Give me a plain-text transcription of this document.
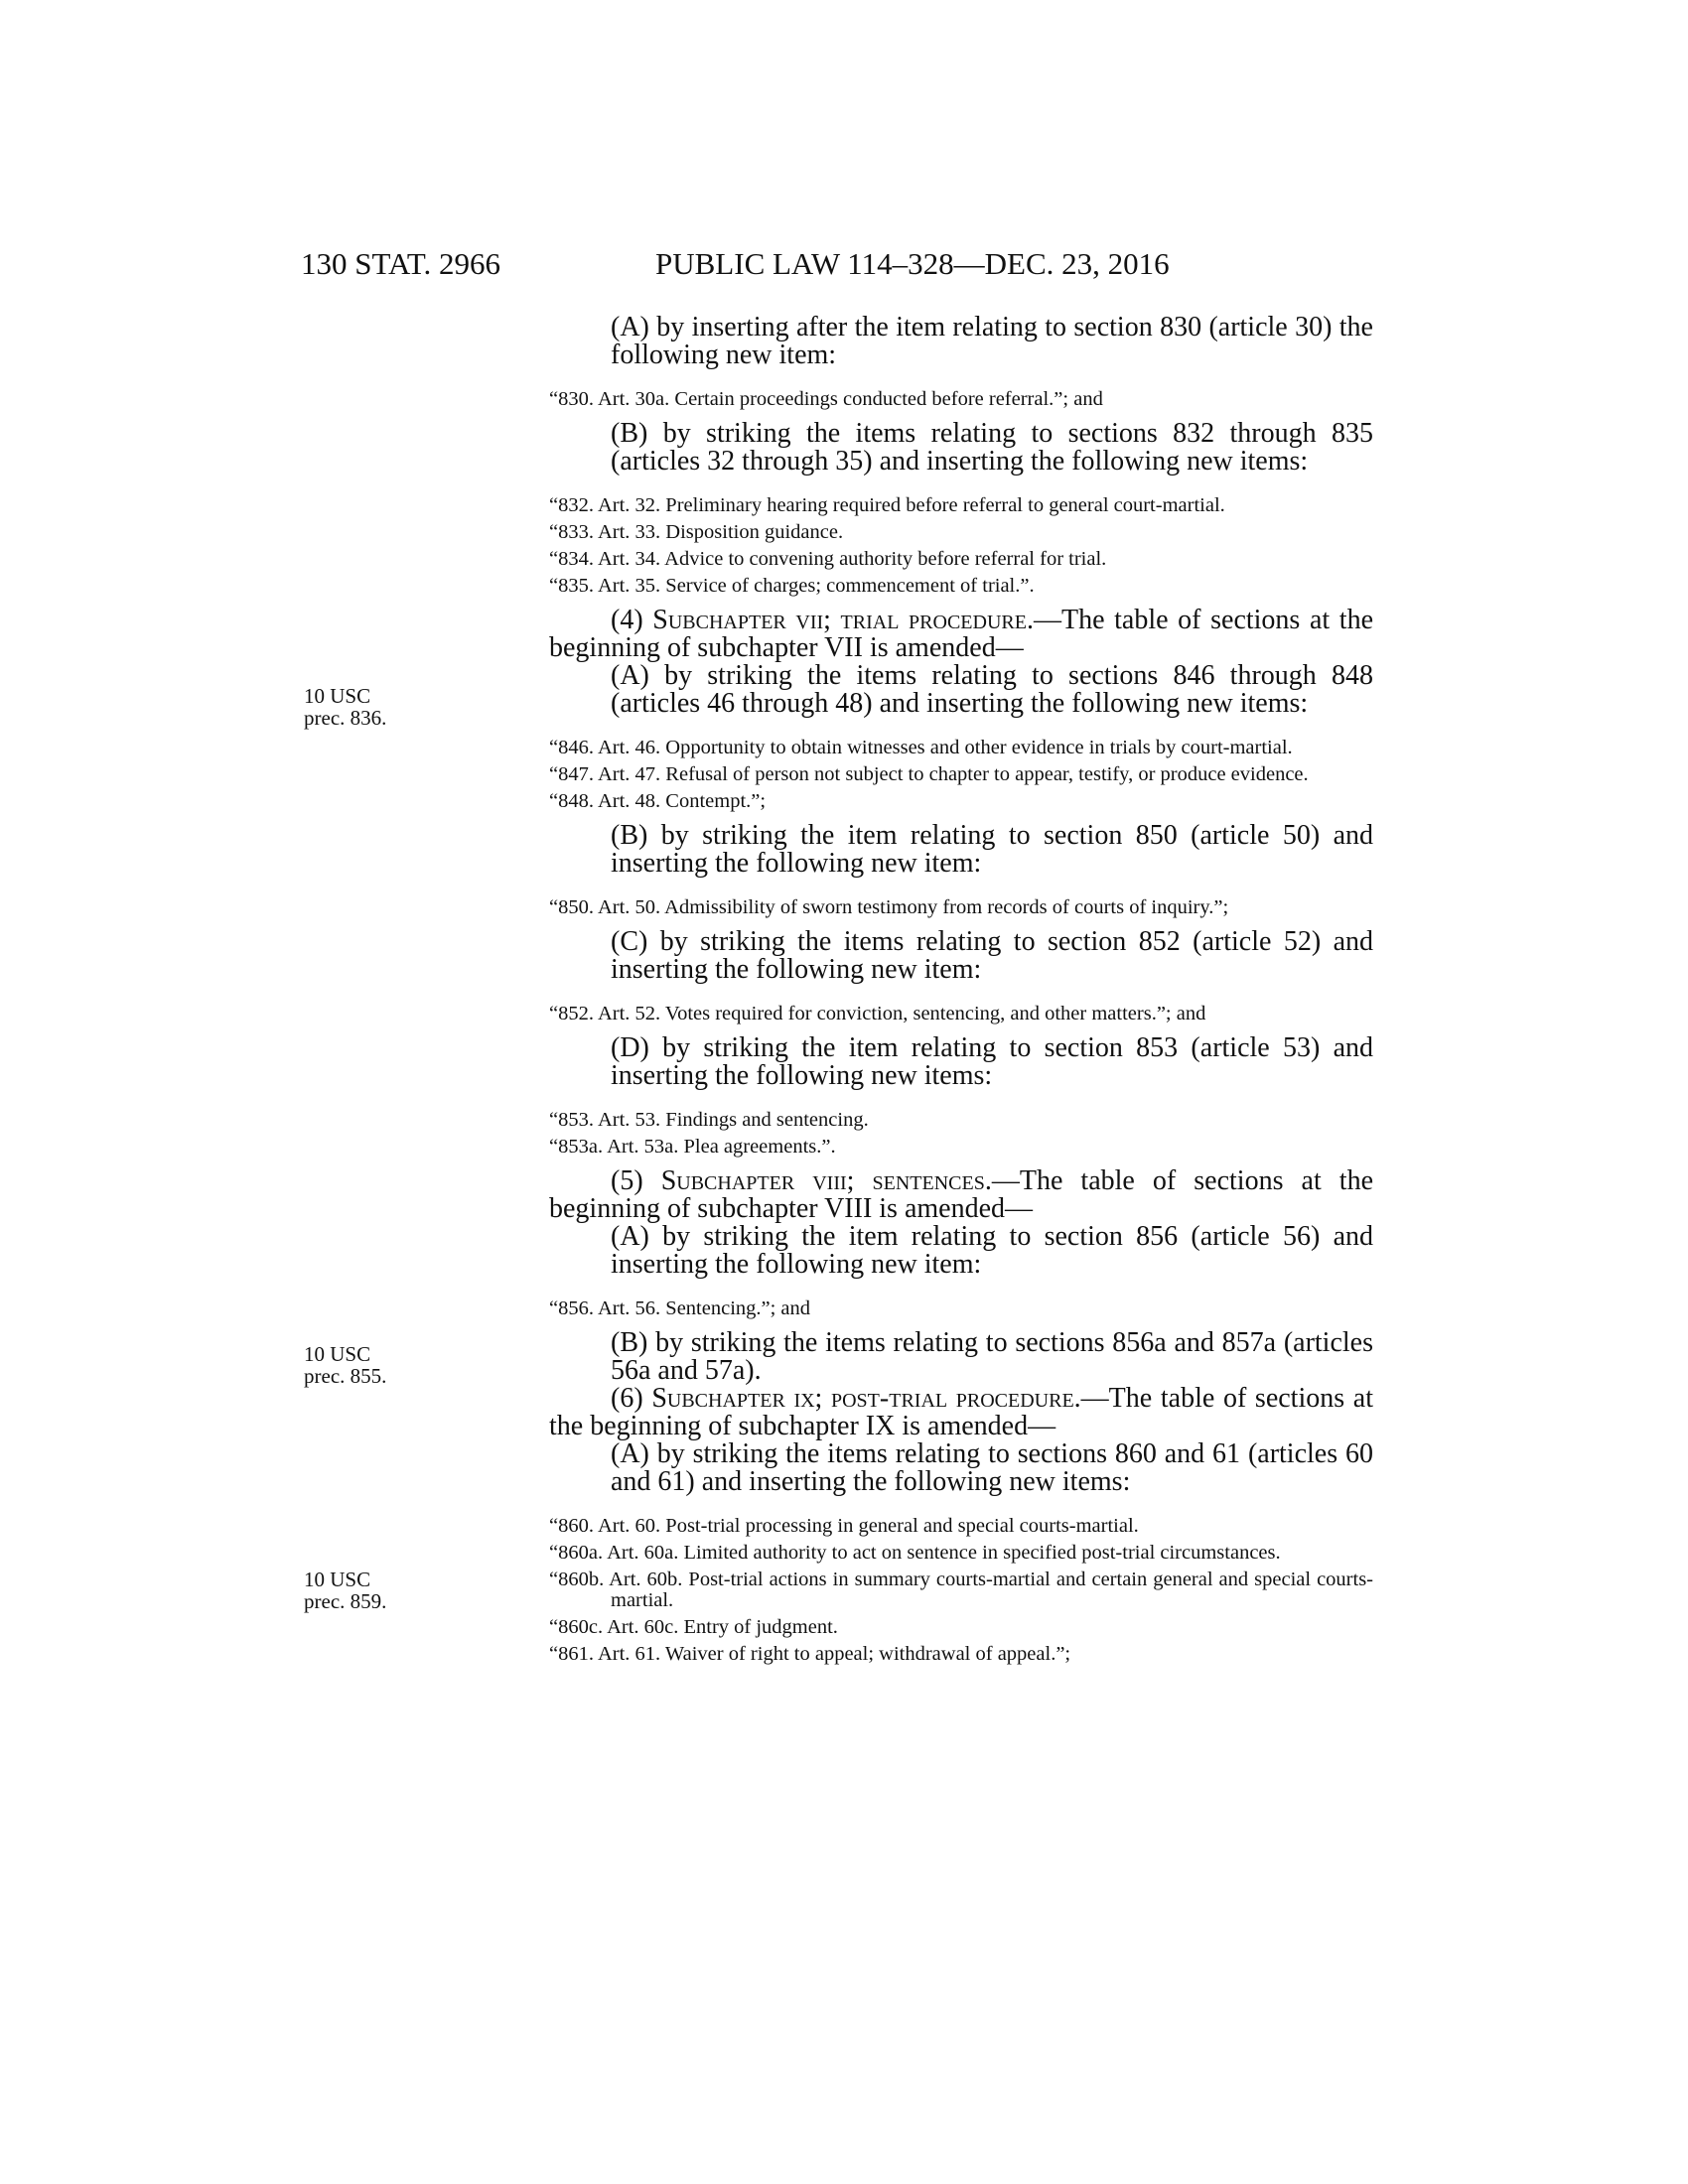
130 STAT. 2966	PUBLIC LAW 114–328—DEC. 23, 2016
10 USC
prec. 836.
10 USC
prec. 855.
10 USC
prec. 859.

(A) by inserting after the item relating to section 830 (article 30) the following new item:

“830. Art. 30a. Certain proceedings conducted before referral.”; and

(B) by striking the items relating to sections 832 through 835 (articles 32 through 35) and inserting the following new items:

“832. Art. 32. Preliminary hearing required before referral to general court-martial.

“833. Art. 33. Disposition guidance.

“834. Art. 34. Advice to convening authority before referral for trial.

“835. Art. 35. Service of charges; commencement of trial.”.

(4) Subchapter vii; trial procedure.—The table of sections at the beginning of subchapter VII is amended—

(A) by striking the items relating to sections 846 through 848 (articles 46 through 48) and inserting the following new items:

“846. Art. 46. Opportunity to obtain witnesses and other evidence in trials by court-martial.

“847. Art. 47. Refusal of person not subject to chapter to appear, testify, or produce evidence.

“848. Art. 48. Contempt.”;

(B) by striking the item relating to section 850 (article 50) and inserting the following new item:

“850. Art. 50. Admissibility of sworn testimony from records of courts of inquiry.”;

(C) by striking the items relating to section 852 (article 52) and inserting the following new item:

“852. Art. 52. Votes required for conviction, sentencing, and other matters.”; and

(D) by striking the item relating to section 853 (article 53) and inserting the following new items:

“853. Art. 53. Findings and sentencing.

“853a. Art. 53a. Plea agreements.”.

(5) Subchapter viii; sentences.—The table of sections at the beginning of subchapter VIII is amended—

(A) by striking the item relating to section 856 (article 56) and inserting the following new item:

“856. Art. 56. Sentencing.”; and

(B) by striking the items relating to sections 856a and 857a (articles 56a and 57a).

(6) Subchapter ix; post-trial procedure.—The table of sections at the beginning of subchapter IX is amended—

(A) by striking the items relating to sections 860 and 61 (articles 60 and 61) and inserting the following new items:

“860. Art. 60. Post-trial processing in general and special courts-martial.

“860a. Art. 60a. Limited authority to act on sentence in specified post-trial circumstances.

“860b. Art. 60b. Post-trial actions in summary courts-martial and certain general and special courts-martial.

“860c. Art. 60c. Entry of judgment.

“861. Art. 61. Waiver of right to appeal; withdrawal of appeal.”;
